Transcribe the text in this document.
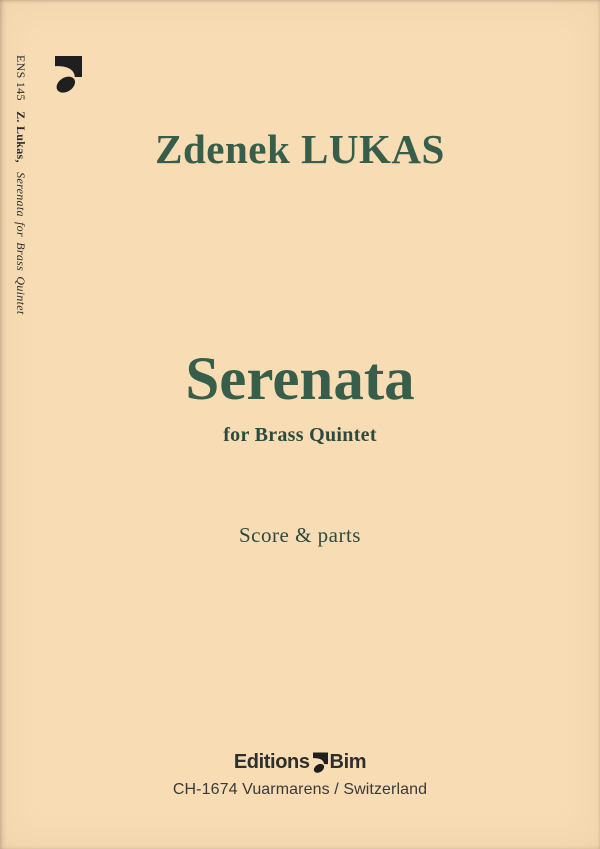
ENS 145 Z. Lukas, Serenata for Brass Quintet
Zdenek LUKAS
Serenata
for Brass Quintet
Score & parts
Editions Bim
CH-1674 Vuarmarens / Switzerland
